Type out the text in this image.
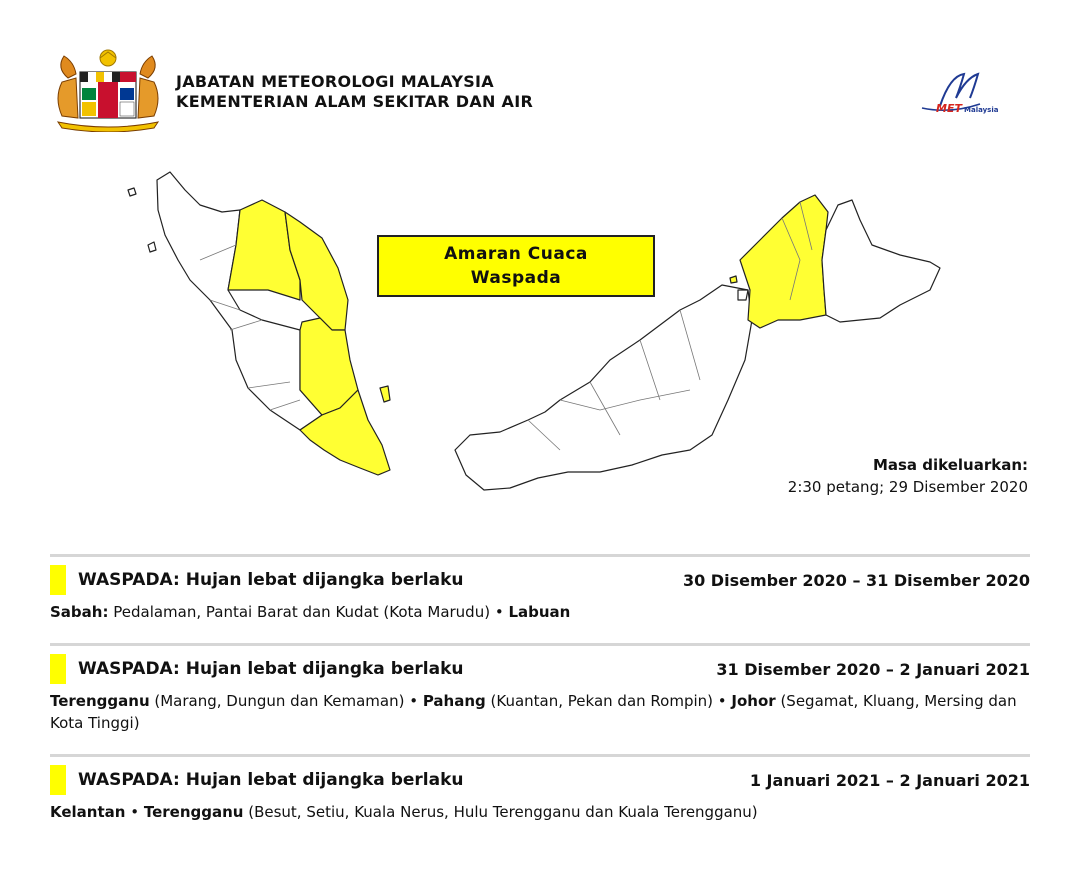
JABATAN METEOROLOGI MALAYSIA
KEMENTERIAN ALAM SEKITAR DAN AIR	MET Malaysia
Amaran Cuaca
Waspada
Masa dikeluarkan:
2:30 petang; 29 Disember 2020
WASPADA: Hujan lebat dijangka berlaku	30 Disember 2020 – 31 Disember 2020
Sabah: Pedalaman, Pantai Barat dan Kudat (Kota Marudu) • Labuan
WASPADA: Hujan lebat dijangka berlaku	31 Disember 2020 – 2 Januari 2021
Terengganu (Marang, Dungun dan Kemaman) • Pahang (Kuantan, Pekan dan Rompin) • Johor (Segamat, Kluang, Mersing dan Kota Tinggi)
WASPADA: Hujan lebat dijangka berlaku	1 Januari 2021 – 2 Januari 2021
Kelantan • Terengganu (Besut, Setiu, Kuala Nerus, Hulu Terengganu dan Kuala Terengganu)
